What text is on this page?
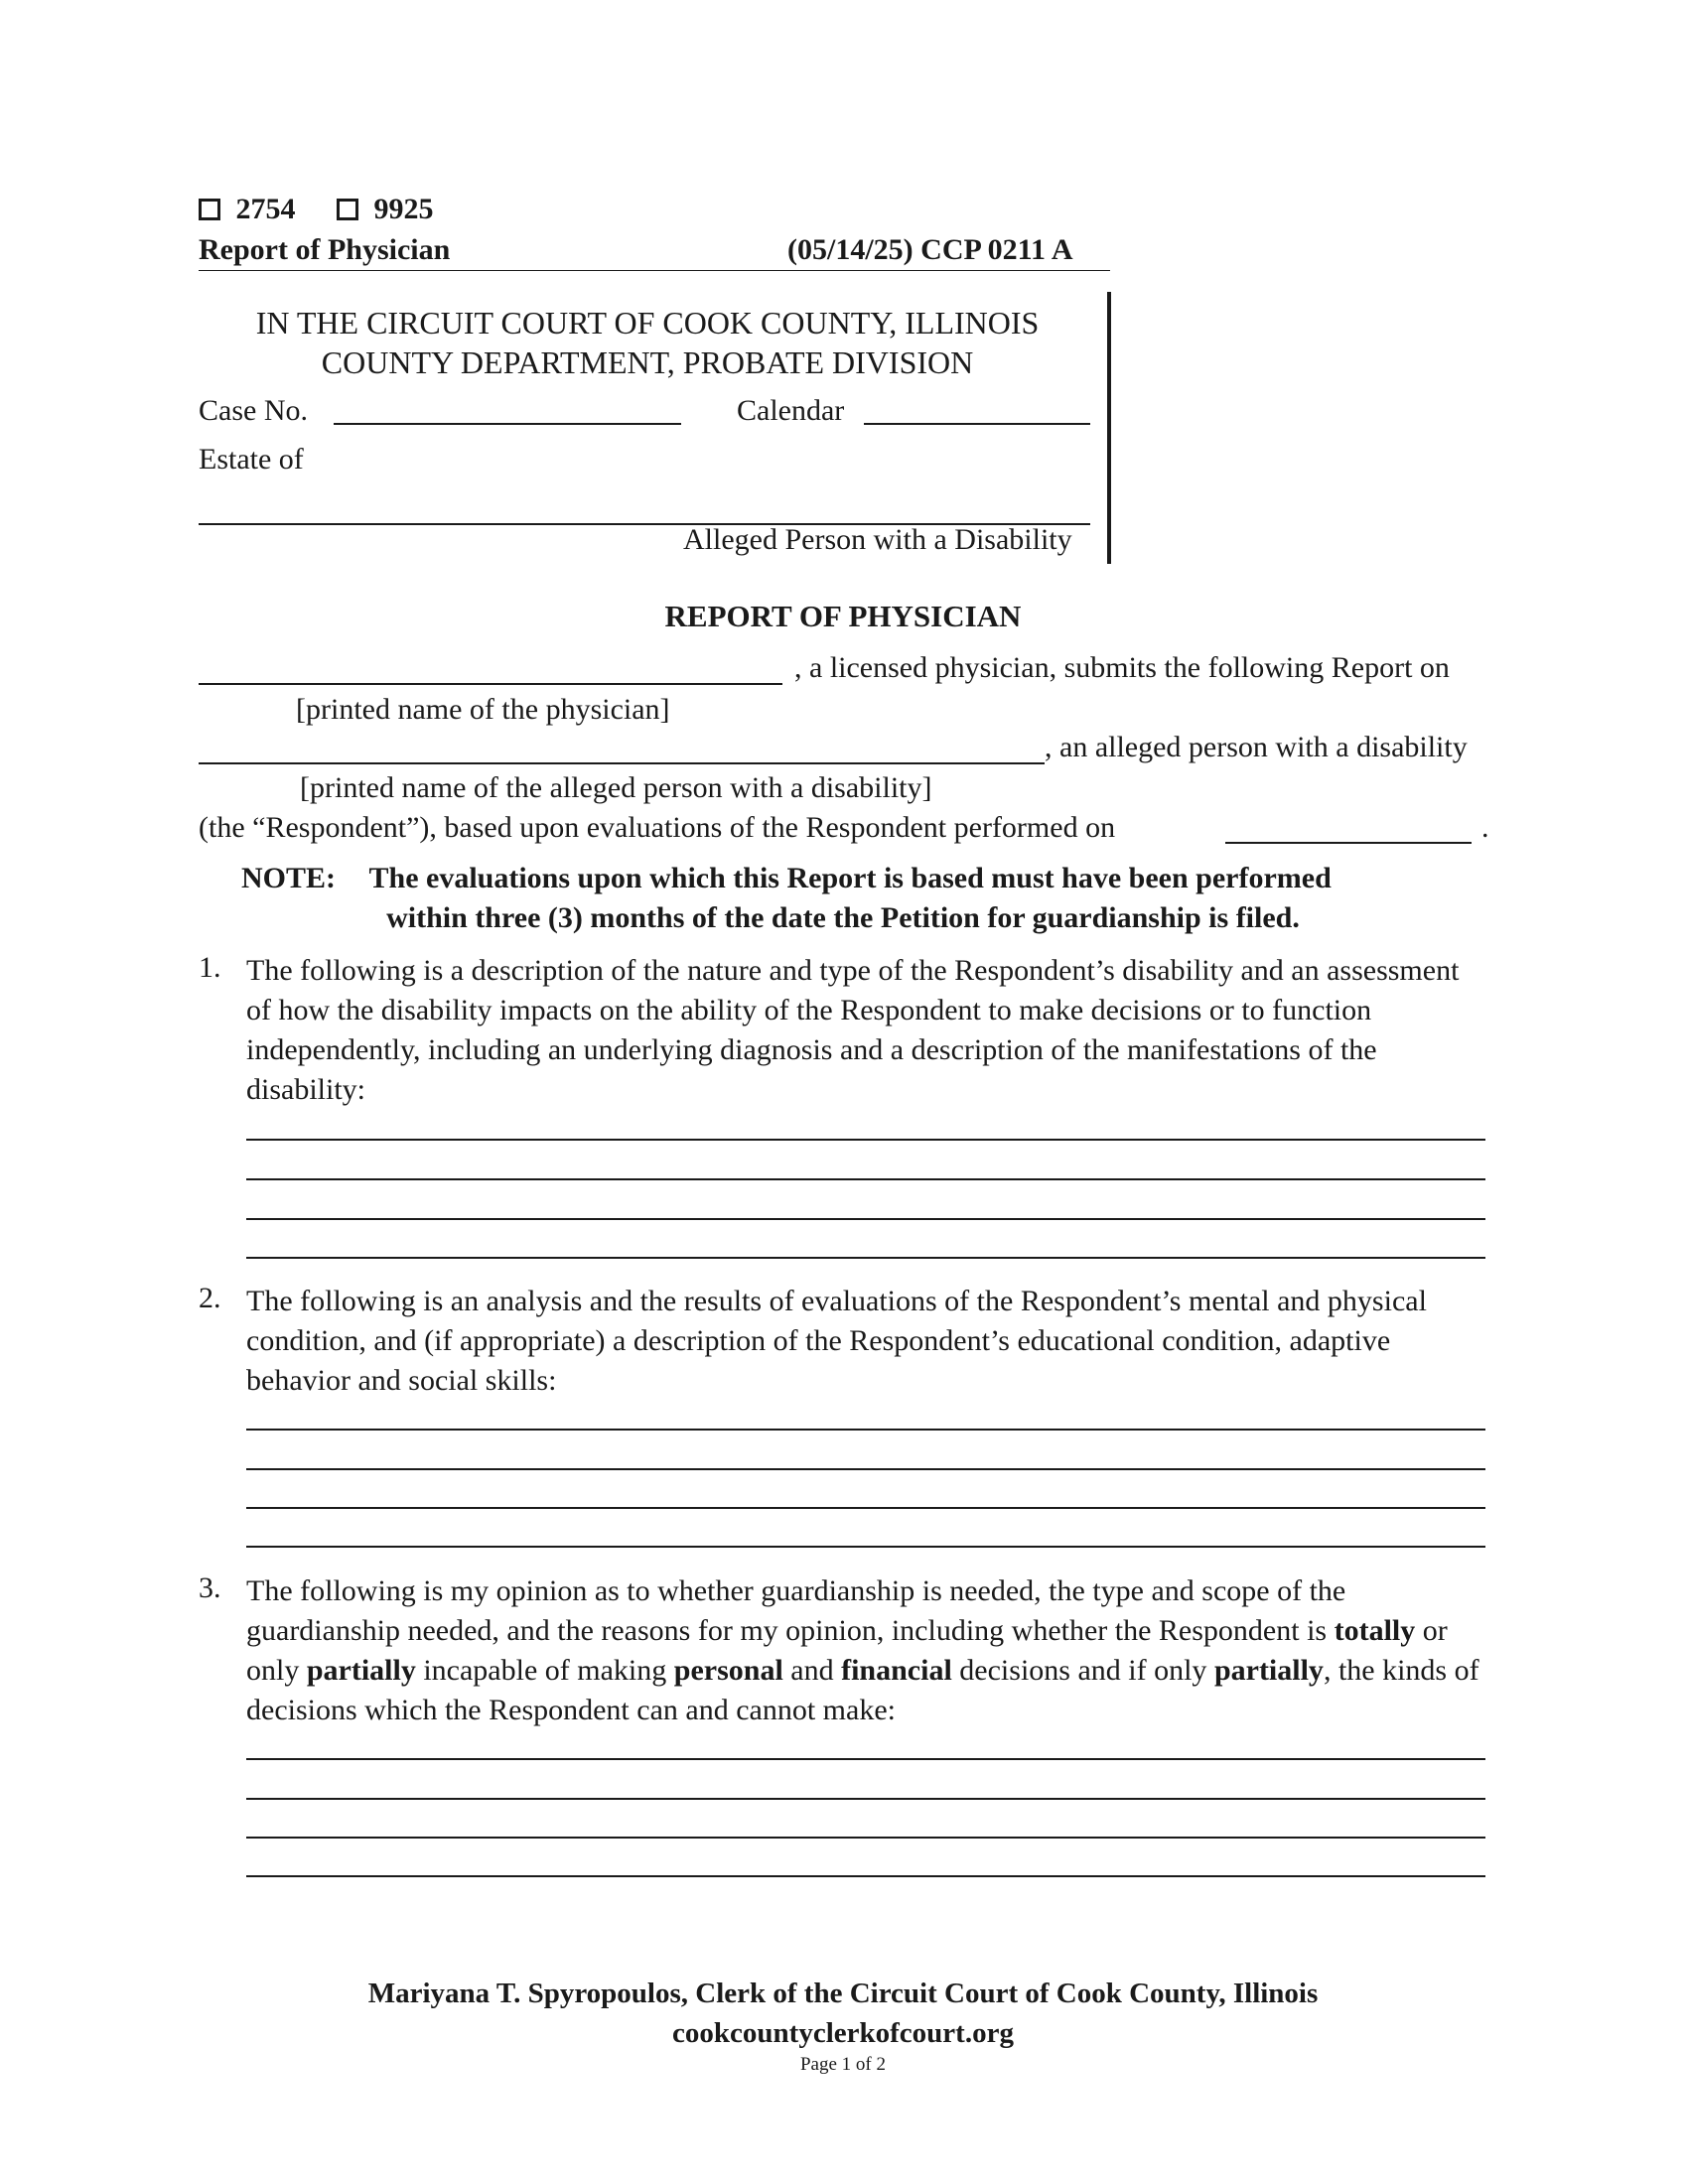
2754	9925
Report of Physician	(05/14/25) CCP 0211 A
IN THE CIRCUIT COURT OF COOK COUNTY, ILLINOIS
COUNTY DEPARTMENT, PROBATE DIVISION
Case No.	Calendar
Estate of
Alleged Person with a Disability
REPORT OF PHYSICIAN
, a licensed physician, submits the following Report on
[printed name of the physician]
, an alleged person with a disability
[printed name of the alleged person with a disability]
(the “Respondent”), based upon evaluations of the Respondent performed on	.
NOTE: The evaluations upon which this Report is based must have been performed
within three (3) months of the date the Petition for guardianship is filed.
1. The following is a description of the nature and type of the Respondent’s disability and an assessment of how the disability impacts on the ability of the Respondent to make decisions or to function independently, including an underlying diagnosis and a description of the manifestations of the disability:
2. The following is an analysis and the results of evaluations of the Respondent’s mental and physical condition, and (if appropriate) a description of the Respondent’s educational condition, adaptive behavior and social skills:
3. The following is my opinion as to whether guardianship is needed, the type and scope of the guardianship needed, and the reasons for my opinion, including whether the Respondent is totally or only partially incapable of making personal and financial decisions and if only partially, the kinds of decisions which the Respondent can and cannot make:
Mariyana T. Spyropoulos, Clerk of the Circuit Court of Cook County, Illinois
cookcountyclerkofcourt.org
Page 1 of 2
